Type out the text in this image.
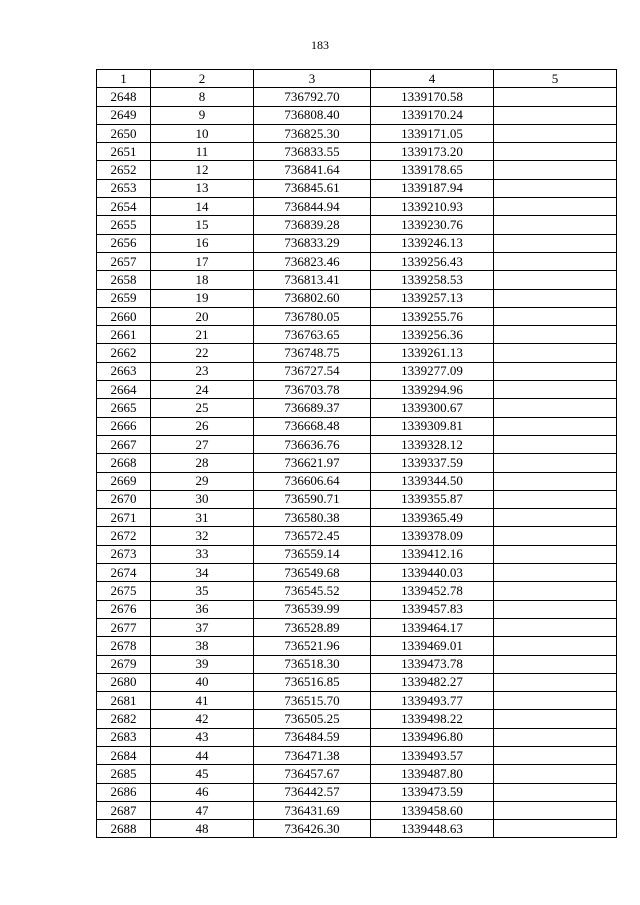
183
1	2	3	4	5
2648	8	736792.70	1339170.58	
2649	9	736808.40	1339170.24	
2650	10	736825.30	1339171.05	
2651	11	736833.55	1339173.20	
2652	12	736841.64	1339178.65	
2653	13	736845.61	1339187.94	
2654	14	736844.94	1339210.93	
2655	15	736839.28	1339230.76	
2656	16	736833.29	1339246.13	
2657	17	736823.46	1339256.43	
2658	18	736813.41	1339258.53	
2659	19	736802.60	1339257.13	
2660	20	736780.05	1339255.76	
2661	21	736763.65	1339256.36	
2662	22	736748.75	1339261.13	
2663	23	736727.54	1339277.09	
2664	24	736703.78	1339294.96	
2665	25	736689.37	1339300.67	
2666	26	736668.48	1339309.81	
2667	27	736636.76	1339328.12	
2668	28	736621.97	1339337.59	
2669	29	736606.64	1339344.50	
2670	30	736590.71	1339355.87	
2671	31	736580.38	1339365.49	
2672	32	736572.45	1339378.09	
2673	33	736559.14	1339412.16	
2674	34	736549.68	1339440.03	
2675	35	736545.52	1339452.78	
2676	36	736539.99	1339457.83	
2677	37	736528.89	1339464.17	
2678	38	736521.96	1339469.01	
2679	39	736518.30	1339473.78	
2680	40	736516.85	1339482.27	
2681	41	736515.70	1339493.77	
2682	42	736505.25	1339498.22	
2683	43	736484.59	1339496.80	
2684	44	736471.38	1339493.57	
2685	45	736457.67	1339487.80	
2686	46	736442.57	1339473.59	
2687	47	736431.69	1339458.60	
2688	48	736426.30	1339448.63	
